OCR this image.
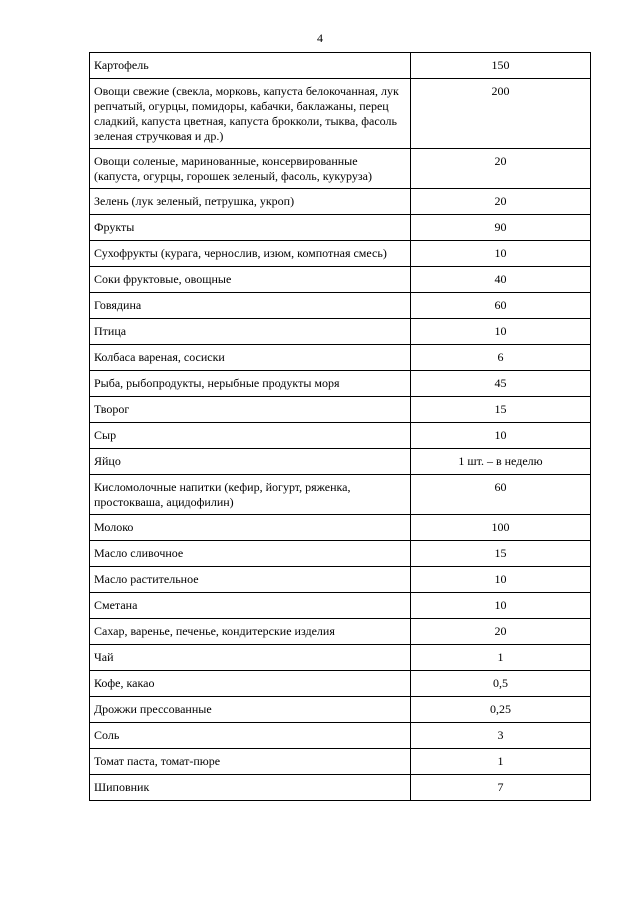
4
Картофель	150
Овощи свежие (свекла, морковь, капуста белокочанная, лук репчатый, огурцы, помидоры, кабачки, баклажаны, перец сладкий, капуста цветная, капуста брокколи, тыква, фасоль зеленая стручковая и др.)	200
Овощи соленые, маринованные, консервированные (капуста, огурцы, горошек зеленый, фасоль, кукуруза)	20
Зелень (лук зеленый, петрушка, укроп)	20
Фрукты	90
Сухофрукты (курага, чернослив, изюм, компотная смесь)	10
Соки фруктовые, овощные	40
Говядина	60
Птица	10
Колбаса вареная, сосиски	6
Рыба, рыбопродукты, нерыбные продукты моря	45
Творог	15
Сыр	10
Яйцо	1 шт. – в неделю
Кисломолочные напитки (кефир, йогурт, ряженка, простокваша, ацидофилин)	60
Молоко	100
Масло сливочное	15
Масло растительное	10
Сметана	10
Сахар, варенье, печенье, кондитерские изделия	20
Чай	1
Кофе, какао	0,5
Дрожжи прессованные	0,25
Соль	3
Томат паста, томат-пюре	1
Шиповник	7
